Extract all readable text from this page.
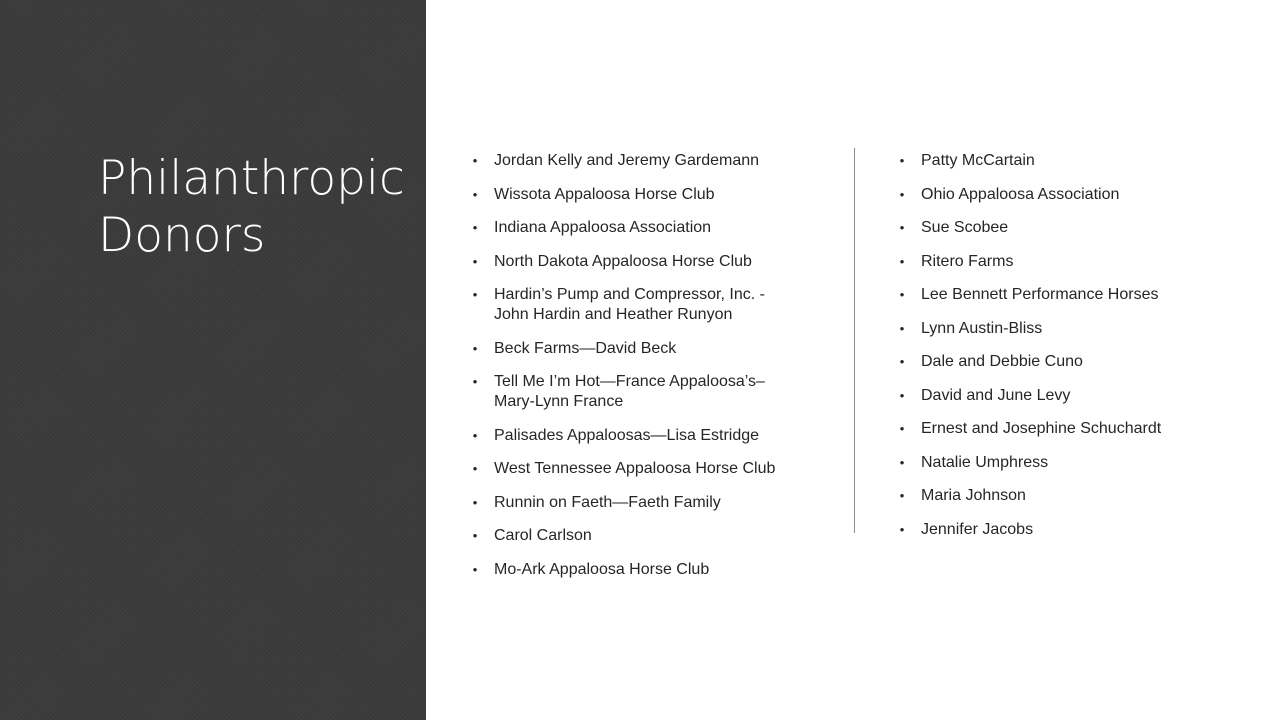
Philanthropic
Donors
• Jordan Kelly and Jeremy Gardemann
• Wissota Appaloosa Horse Club
• Indiana Appaloosa Association
• North Dakota Appaloosa Horse Club
• Hardin’s Pump and Compressor, Inc. - John Hardin and Heather Runyon
• Beck Farms—David Beck
• Tell Me I’m Hot—France Appaloosa’s– Mary-Lynn France
• Palisades Appaloosas—Lisa Estridge
• West Tennessee Appaloosa Horse Club
• Runnin on Faeth—Faeth Family
• Carol Carlson
• Mo-Ark Appaloosa Horse Club
• Patty McCartain
• Ohio Appaloosa Association
• Sue Scobee
• Ritero Farms
• Lee Bennett Performance Horses
• Lynn Austin-Bliss
• Dale and Debbie Cuno
• David and June Levy
• Ernest and Josephine Schuchardt
• Natalie Umphress
• Maria Johnson
• Jennifer Jacobs
